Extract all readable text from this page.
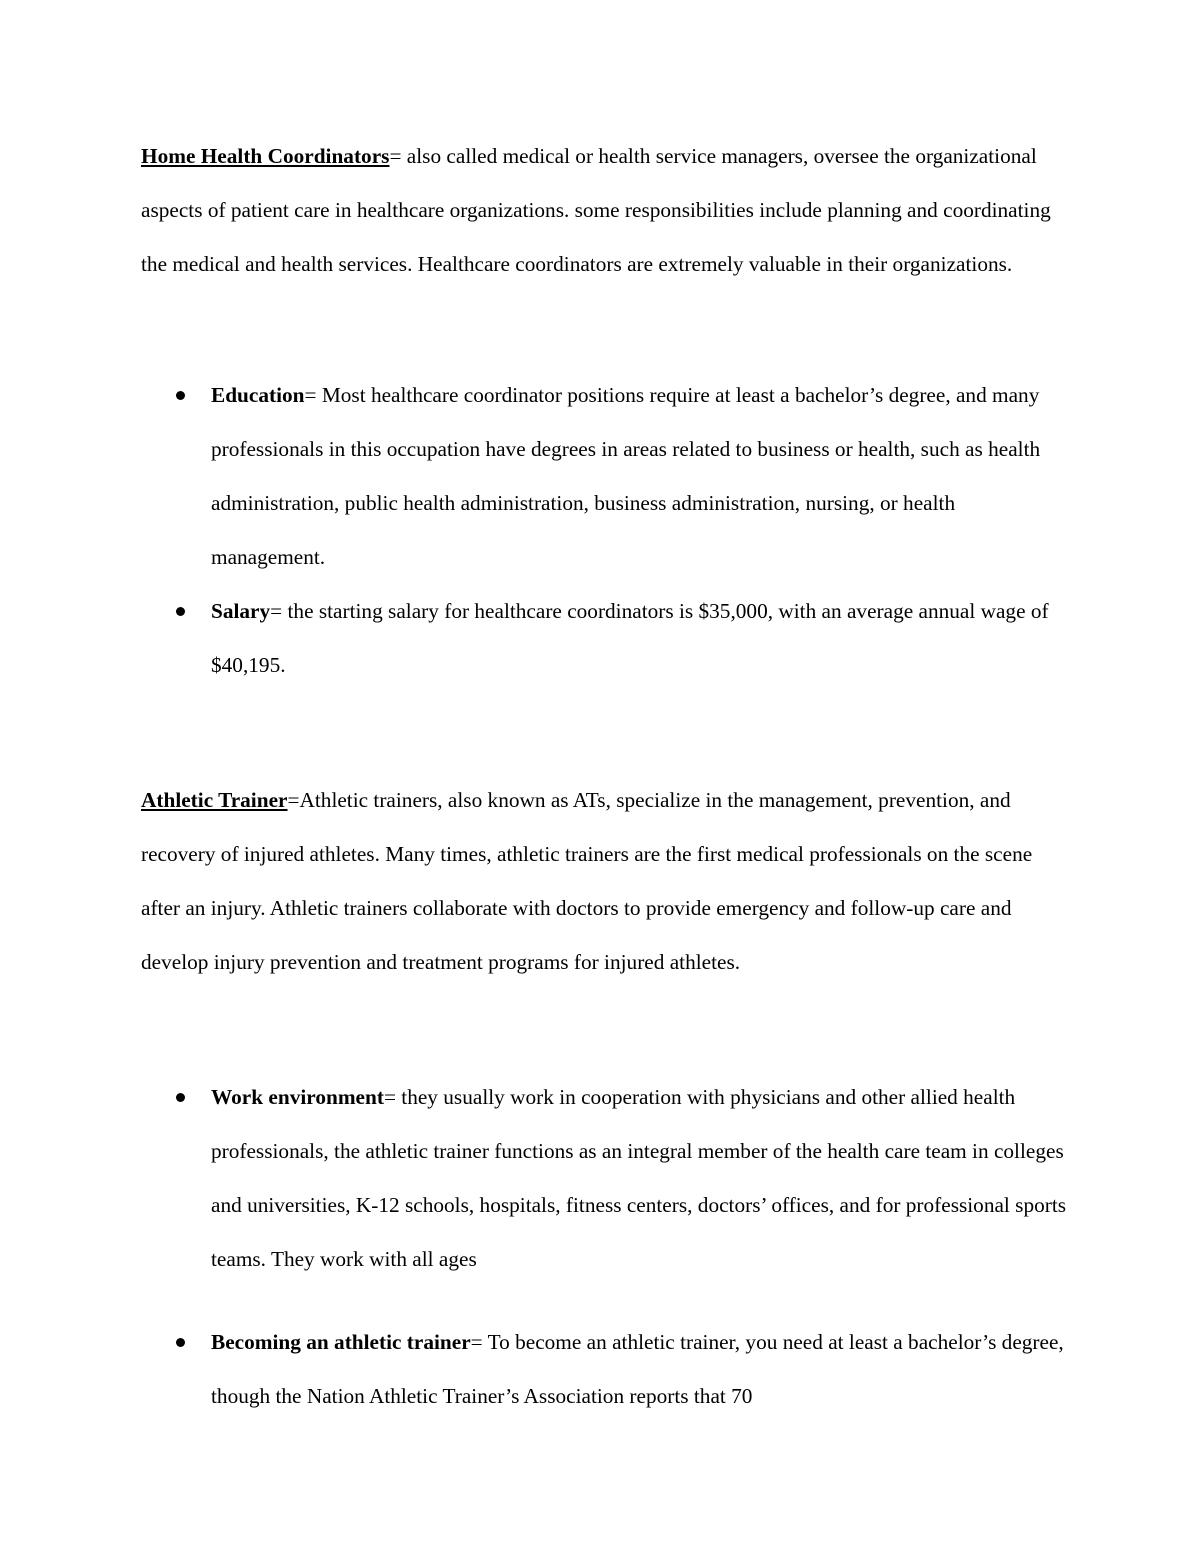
Home Health Coordinators= also called medical or health service managers, oversee the organizational aspects of patient care in healthcare organizations. some responsibilities include planning and coordinating the medical and health services. Healthcare coordinators are extremely valuable in their organizations.

Education= Most healthcare coordinator positions require at least a bachelor’s degree, and many professionals in this occupation have degrees in areas related to business or health, such as health administration, public health administration, business administration, nursing, or health management.

Salary= the starting salary for healthcare coordinators is $35,000, with an average annual wage of $40,195.

Athletic Trainer=Athletic trainers, also known as ATs, specialize in the management, prevention, and recovery of injured athletes. Many times, athletic trainers are the first medical professionals on the scene after an injury. Athletic trainers collaborate with doctors to provide emergency and follow-up care and develop injury prevention and treatment programs for injured athletes.

Work environment= they usually work in cooperation with physicians and other allied health professionals, the athletic trainer functions as an integral member of the health care team in colleges and universities, K-12 schools, hospitals, fitness centers, doctors’ offices, and for professional sports teams. They work with all ages

Becoming an athletic trainer= To become an athletic trainer, you need at least a bachelor’s degree, though the Nation Athletic Trainer’s Association reports that 70
